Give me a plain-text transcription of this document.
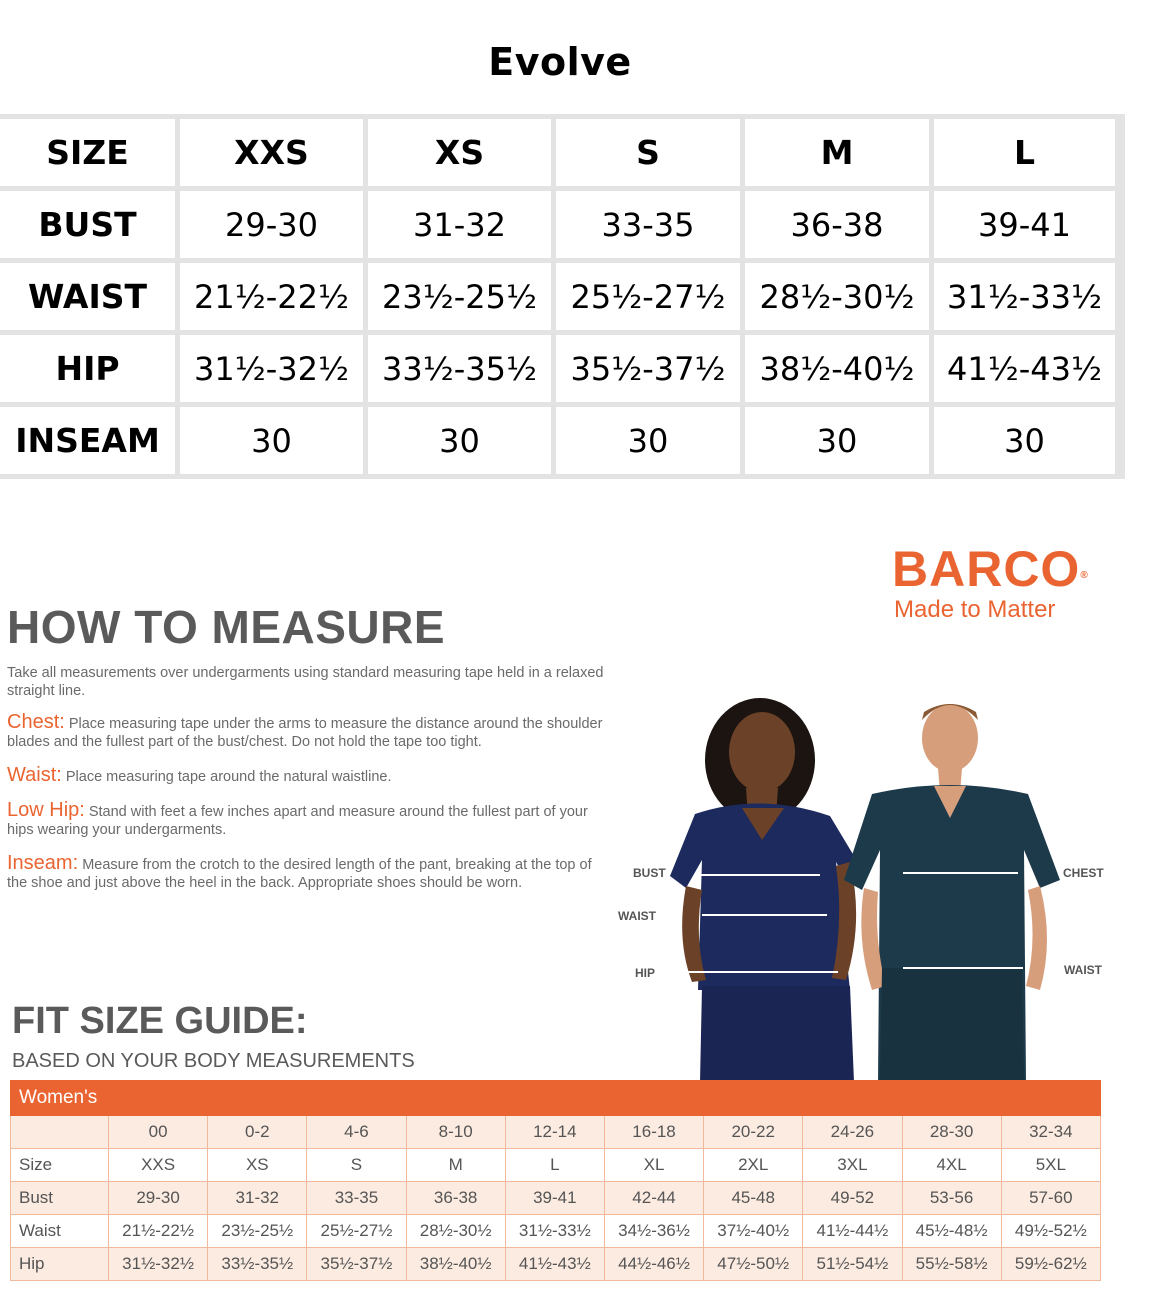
Evolve
SIZE	XXS	XS	S	M	L
BUST	29-30	31-32	33-35	36-38	39-41
WAIST	21½-22½	23½-25½	25½-27½	28½-30½	31½-33½
HIP	31½-32½	33½-35½	35½-37½	38½-40½	41½-43½
INSEAM	30	30	30	30	30
BARCO®
Made to Matter
HOW TO MEASURE
Take all measurements over undergarments using standard measuring tape held in a relaxed straight line.
Chest: Place measuring tape under the arms to measure the distance around the shoulder blades and the fullest part of the bust/chest. Do not hold the tape too tight.
Waist: Place measuring tape around the natural waistline.
Low Hip: Stand with feet a few inches apart and measure around the fullest part of your hips wearing your undergarments.
Inseam: Measure from the crotch to the desired length of the pant, breaking at the top of the shoe and just above the heel in the back. Appropriate shoes should be worn.
BUST
WAIST
HIP
CHEST
WAIST
FIT SIZE GUIDE:
BASED ON YOUR BODY MEASUREMENTS
Women's										
	00	0-2	4-6	8-10	12-14	16-18	20-22	24-26	28-30	32-34
Size	XXS	XS	S	M	L	XL	2XL	3XL	4XL	5XL
Bust	29-30	31-32	33-35	36-38	39-41	42-44	45-48	49-52	53-56	57-60
Waist	21½-22½	23½-25½	25½-27½	28½-30½	31½-33½	34½-36½	37½-40½	41½-44½	45½-48½	49½-52½
Hip	31½-32½	33½-35½	35½-37½	38½-40½	41½-43½	44½-46½	47½-50½	51½-54½	55½-58½	59½-62½
